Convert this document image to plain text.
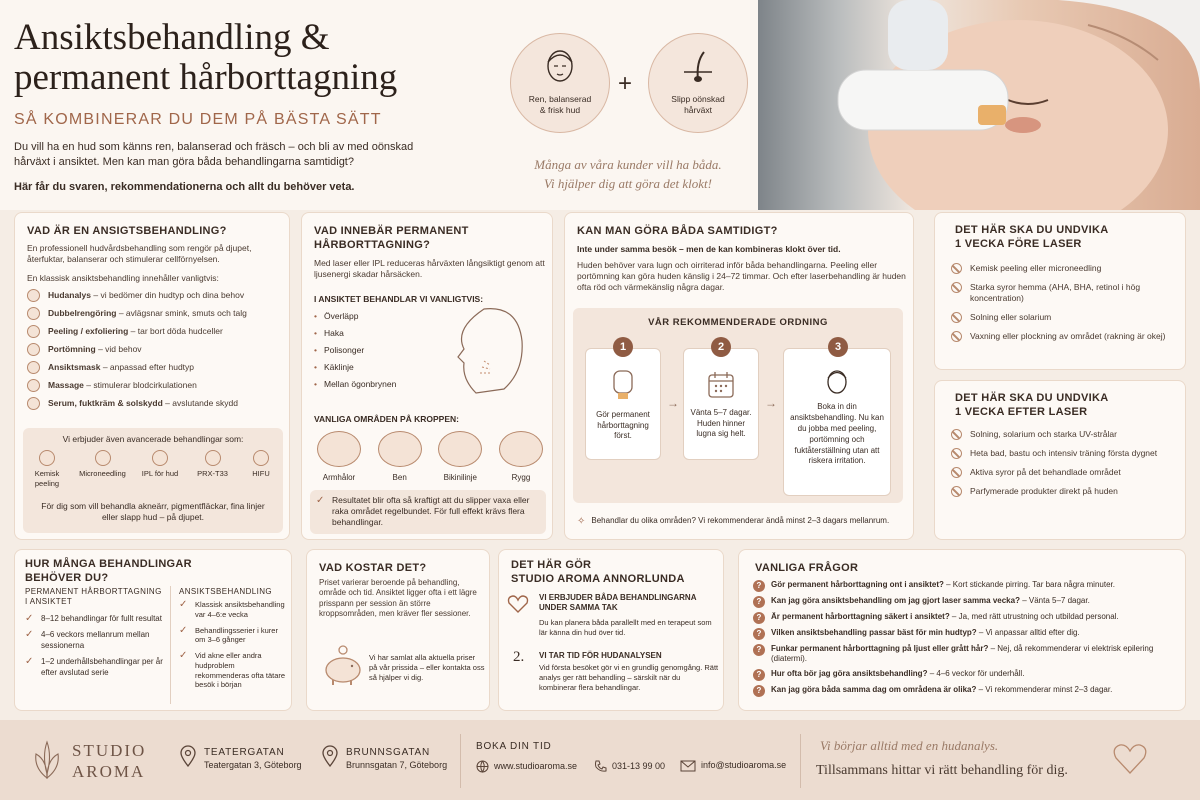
Ansiktsbehandling &
permanent hårborttagning
SÅ KOMBINERAR DU DEM PÅ BÄSTA SÄTT
Du vill ha en hud som känns ren, balanserad och fräsch – och bli av med oönskad hårväxt i ansiktet. Men kan man göra båda behandlingarna samtidigt?
Här får du svaren, rekommendationerna och allt du behöver veta.
Ren, balanserad & frisk hud
+
Slipp oönskad hårväxt
Många av våra kunder vill ha båda.
Vi hjälper dig att göra det klokt!
VAD ÄR EN ANSIGTSBEHANDLING?
En professionell hudvårdsbehandling som rengör på djupet, återfuktar, balanserar och stimulerar cellförnyelsen.
En klassisk ansiktsbehandling innehåller vanligtvis:
Hudanalys – vi bedömer din hudtyp och dina behov
Dubbelrengöring – avlägsnar smink, smuts och talg
Peeling / exfoliering – tar bort döda hudceller
Portömning – vid behov
Ansiktsmask – anpassad efter hudtyp
Massage – stimulerar blodcirkulationen
Serum, fuktkräm & solskydd – avslutande skydd
Vi erbjuder även avancerade behandlingar som:
Kemisk peeling
Microneedling	IPL för hud	PRX-T33	HIFU
För dig som vill behandla akneärr, pigmentfläckar, fina linjer eller slapp hud – på djupet.
VAD INNEBÄR PERMANENT HÅRBORTTAGNING?
Med laser eller IPL reduceras hårväxten långsiktigt genom att ljusenergi skadar hårsäcken.
I ANSIKTET BEHANDLAR VI VANLIGTVIS:
• Överläpp
• Haka
• Polisonger
• Käklinje
• Mellan ögonbrynen
VANLIGA OMRÅDEN PÅ KROPPEN:
Armhålor	Ben	Bikinilinje	Rygg
✓ Resultatet blir ofta så kraftigt att du slipper vaxa eller raka området regelbundet. För full effekt krävs flera behandlingar.
KAN MAN GÖRA BÅDA SAMTIDIGT?
Inte under samma besök – men de kan kombineras klokt över tid.
Huden behöver vara lugn och oirriterad inför båda behandlingarna. Peeling eller portömning kan göra huden känslig i 24–72 timmar. Och efter laserbehandling är huden ofta röd och värmekänslig några dagar.
VÅR REKOMMENDERADE ORDNING
1
Gör permanent hårborttagning först.
→
2
Vänta 5–7 dagar. Huden hinner lugna sig helt.
→
3
Boka in din ansiktsbehandling. Nu kan du jobba med peeling, portömning och fuktåterställning utan att riskera irritation.
✧ Behandlar du olika områden? Vi rekommenderar ändå minst 2–3 dagars mellanrum.
DET HÄR SKA DU UNDVIKA
1 VECKA FÖRE LASER
Kemisk peeling eller microneedling
Starka syror hemma (AHA, BHA, retinol i hög koncentration)
Solning eller solarium
Vaxning eller plockning av området (rakning är okej)
DET HÄR SKA DU UNDVIKA
1 VECKA EFTER LASER
Solning, solarium och starka UV-strålar
Heta bad, bastu och intensiv träning första dygnet
Aktiva syror på det behandlade området
Parfymerade produkter direkt på huden
HUR MÅNGA BEHANDLINGAR BEHÖVER DU?
PERMANENT HÅRBORTTAGNING I ANSIKTET
✓ 8–12 behandlingar för fullt resultat
✓ 4–6 veckors mellanrum mellan sessionerna
✓ 1–2 underhållsbehandlingar per år efter avslutad serie
ANSIKTSBEHANDLING
✓ Klassisk ansiktsbehandling var 4–6:e vecka
✓ Behandlingsserier i kurer om 3–6 gånger
✓ Vid akne eller andra hudproblem rekommenderas ofta tätare besök i början
VAD KOSTAR DET?
Priset varierar beroende på behandling, område och tid. Ansiktet ligger ofta i ett lägre prisspann per session än större kroppsområden, men kräver fler sessioner.
Vi har samlat alla aktuella priser på vår prissida – eller kontakta oss så hjälper vi dig.
DET HÄR GÖR
STUDIO AROMA ANNORLUNDA
VI ERBJUDER BÅDA BEHANDLINGARNA UNDER SAMMA TAK
Du kan planera båda parallellt med en terapeut som lär känna din hud över tid.
2. VI TAR TID FÖR HUDANALYSEN
Vid första besöket gör vi en grundlig genomgång. Rätt analys ger rätt behandling – särskilt när du kombinerar flera behandlingar.
VANLIGA FRÅGOR
?	Gör permanent hårborttagning ont i ansiktet? – Kort stickande pirring. Tar bara några minuter.
?	Kan jag göra ansiktsbehandling om jag gjort laser samma vecka? – Vänta 5–7 dagar.
?	Är permanent hårborttagning säkert i ansiktet? – Ja, med rätt utrustning och utbildad personal.
?	Vilken ansiktsbehandling passar bäst för min hudtyp? – Vi anpassar alltid efter dig.
?	Funkar permanent hårborttagning på ljust eller grått hår? – Nej, då rekommenderar vi elektrisk epilering (diatermi).
?	Hur ofta bör jag göra ansiktsbehandling? – 4–6 veckor för underhåll.
?	Kan jag göra båda samma dag om områdena är olika? – Vi rekommenderar minst 2–3 dagar.
STUDIO
AROMA
TEATERGATAN
Teatergatan 3, Göteborg
BRUNNSGATAN
Brunnsgatan 7, Göteborg
BOKA DIN TID
www.studioaroma.se	031-13 99 00	info@studioaroma.se
Vi börjar alltid med en hudanalys.
Tillsammans hittar vi rätt behandling för dig.
